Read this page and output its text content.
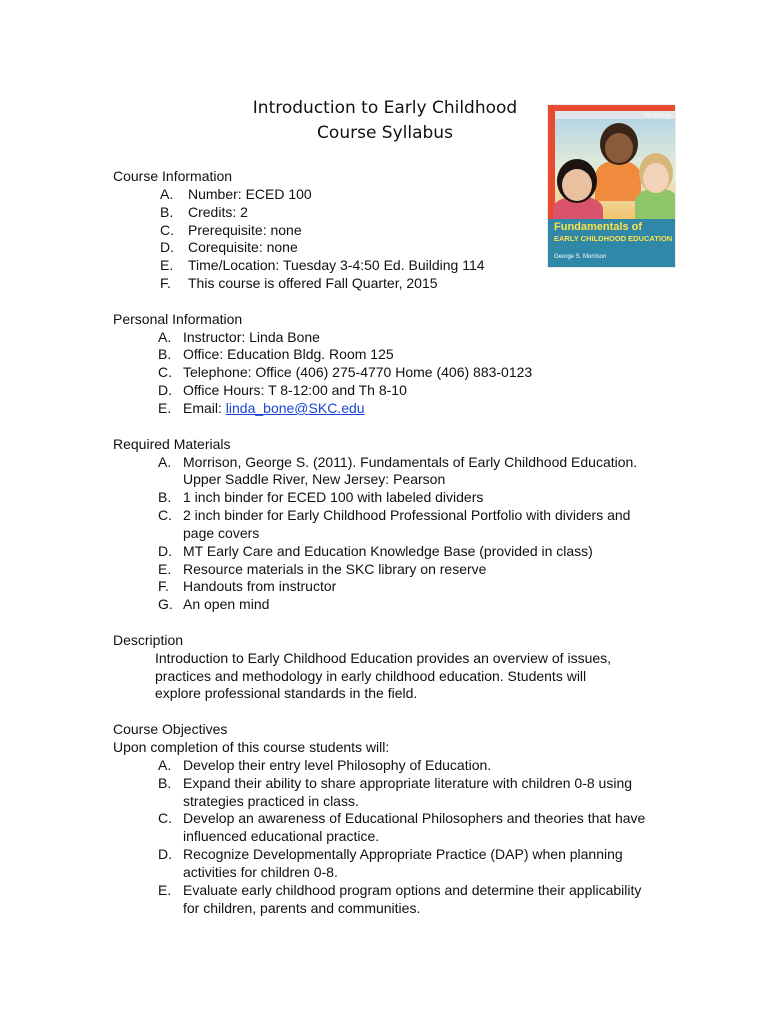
Introduction to Early Childhood
Course Syllabus
9th Edition
Fundamentals of
EARLY CHILDHOOD EDUCATION
George S. Morrison

Course Information

A. Number: ECED 100
B. Credits: 2
C. Prerequisite: none
D. Corequisite: none
E. Time/Location: Tuesday 3-4:50 Ed. Building 114
F. This course is offered Fall Quarter, 2015

Personal Information

A. Instructor: Linda Bone
B. Office: Education Bldg. Room 125
C. Telephone: Office (406) 275-4770 Home (406) 883-0123
D. Office Hours: T 8-12:00 and Th 8-10
E. Email: linda_bone@SKC.edu

Required Materials

A. Morrison, George S. (2011). Fundamentals of Early Childhood Education. Upper Saddle River, New Jersey: Pearson
B. 1 inch binder for ECED 100 with labeled dividers
C. 2 inch binder for Early Childhood Professional Portfolio with dividers and page covers
D. MT Early Care and Education Knowledge Base (provided in class)
E. Resource materials in the SKC library on reserve
F. Handouts from instructor
G. An open mind

Description

Introduction to Early Childhood Education provides an overview of issues, practices and methodology in early childhood education. Students will explore professional standards in the field.

Course Objectives

Upon completion of this course students will:

A. Develop their entry level Philosophy of Education.
B. Expand their ability to share appropriate literature with children 0-8 using strategies practiced in class.
C. Develop an awareness of Educational Philosophers and theories that have influenced educational practice.
D. Recognize Developmentally Appropriate Practice (DAP) when planning activities for children 0-8.
E. Evaluate early childhood program options and determine their applicability for children, parents and communities.
